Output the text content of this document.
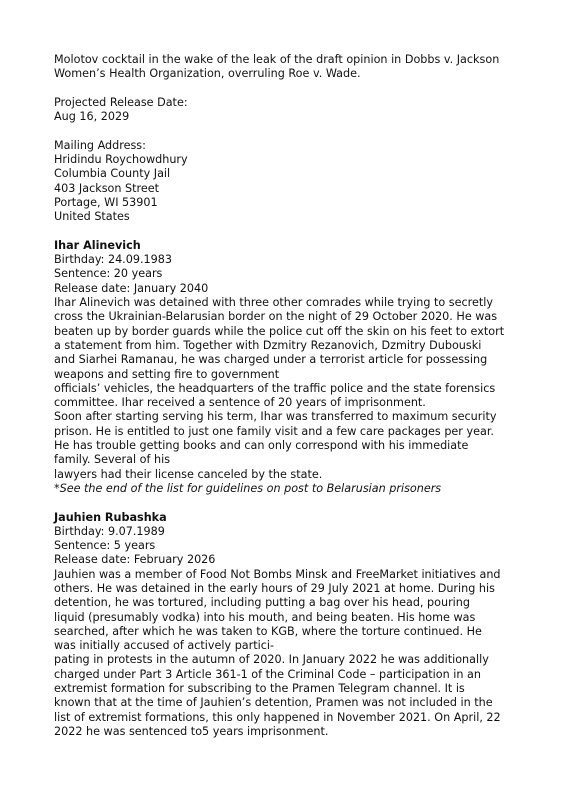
Molotov cocktail in the wake of the leak of the draft opinion in Dobbs v. Jackson
Women’s Health Organization, overruling Roe v. Wade.
Projected Release Date:
Aug 16, 2029
Mailing Address:
Hridindu Roychowdhury
Columbia County Jail
403 Jackson Street
Portage, WI 53901
United States
Ihar Alinevich
Birthday: 24.09.1983
Sentence: 20 years
Release date: January 2040
Ihar Alinevich was detained with three other comrades while trying to secretly
cross the Ukrainian-Belarusian border on the night of 29 October 2020. He was
beaten up by border guards while the police cut off the skin on his feet to extort
a statement from him. Together with Dzmitry Rezanovich, Dzmitry Dubouski
and Siarhei Ramanau, he was charged under a terrorist article for possessing
weapons and setting fire to government
officials’ vehicles, the headquarters of the traffic police and the state forensics
committee. Ihar received a sentence of 20 years of imprisonment.
Soon after starting serving his term, Ihar was transferred to maximum security
prison. He is entitled to just one family visit and a few care packages per year.
He has trouble getting books and can only correspond with his immediate
family. Several of his
lawyers had their license canceled by the state.
*See the end of the list for guidelines on post to Belarusian prisoners
Jauhien Rubashka
Birthday: 9.07.1989
Sentence: 5 years
Release date: February 2026
Jauhien was a member of Food Not Bombs Minsk and FreeMarket initiatives and
others. He was detained in the early hours of 29 July 2021 at home. During his
detention, he was tortured, including putting a bag over his head, pouring
liquid (presumably vodka) into his mouth, and being beaten. His home was
searched, after which he was taken to KGB, where the torture continued. He
was initially accused of actively partici-
pating in protests in the autumn of 2020. In January 2022 he was additionally
charged under Part 3 Article 361-1 of the Criminal Code – participation in an
extremist formation for subscribing to the Pramen Telegram channel. It is
known that at the time of Jauhien’s detention, Pramen was not included in the
list of extremist formations, this only happened in November 2021. On April, 22
2022 he was sentenced to5 years imprisonment.
